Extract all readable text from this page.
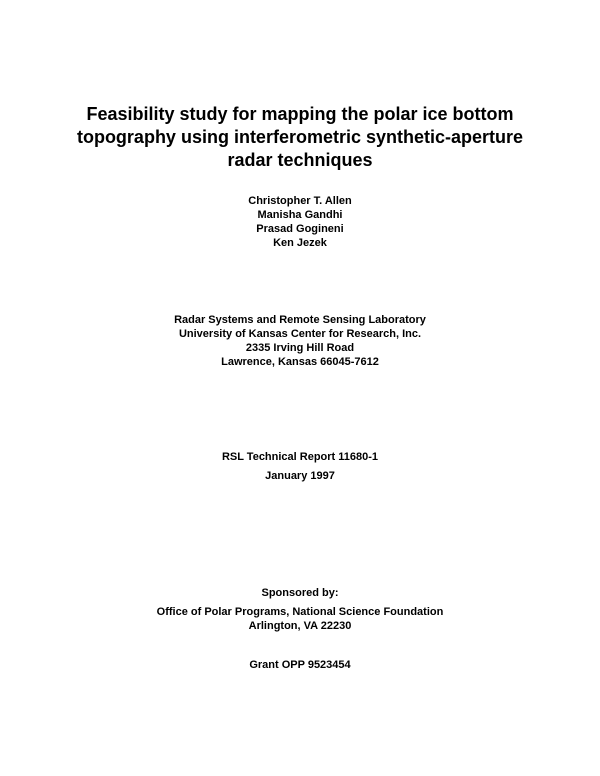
Feasibility study for mapping the polar ice bottom
topography using interferometric synthetic-aperture
radar techniques
Christopher T. Allen
Manisha Gandhi
Prasad Gogineni
Ken Jezek
Radar Systems and Remote Sensing Laboratory
University of Kansas Center for Research, Inc.
2335 Irving Hill Road
Lawrence, Kansas 66045-7612
RSL Technical Report 11680-1
January 1997
Sponsored by:
Office of Polar Programs, National Science Foundation
Arlington, VA 22230
Grant OPP 9523454
